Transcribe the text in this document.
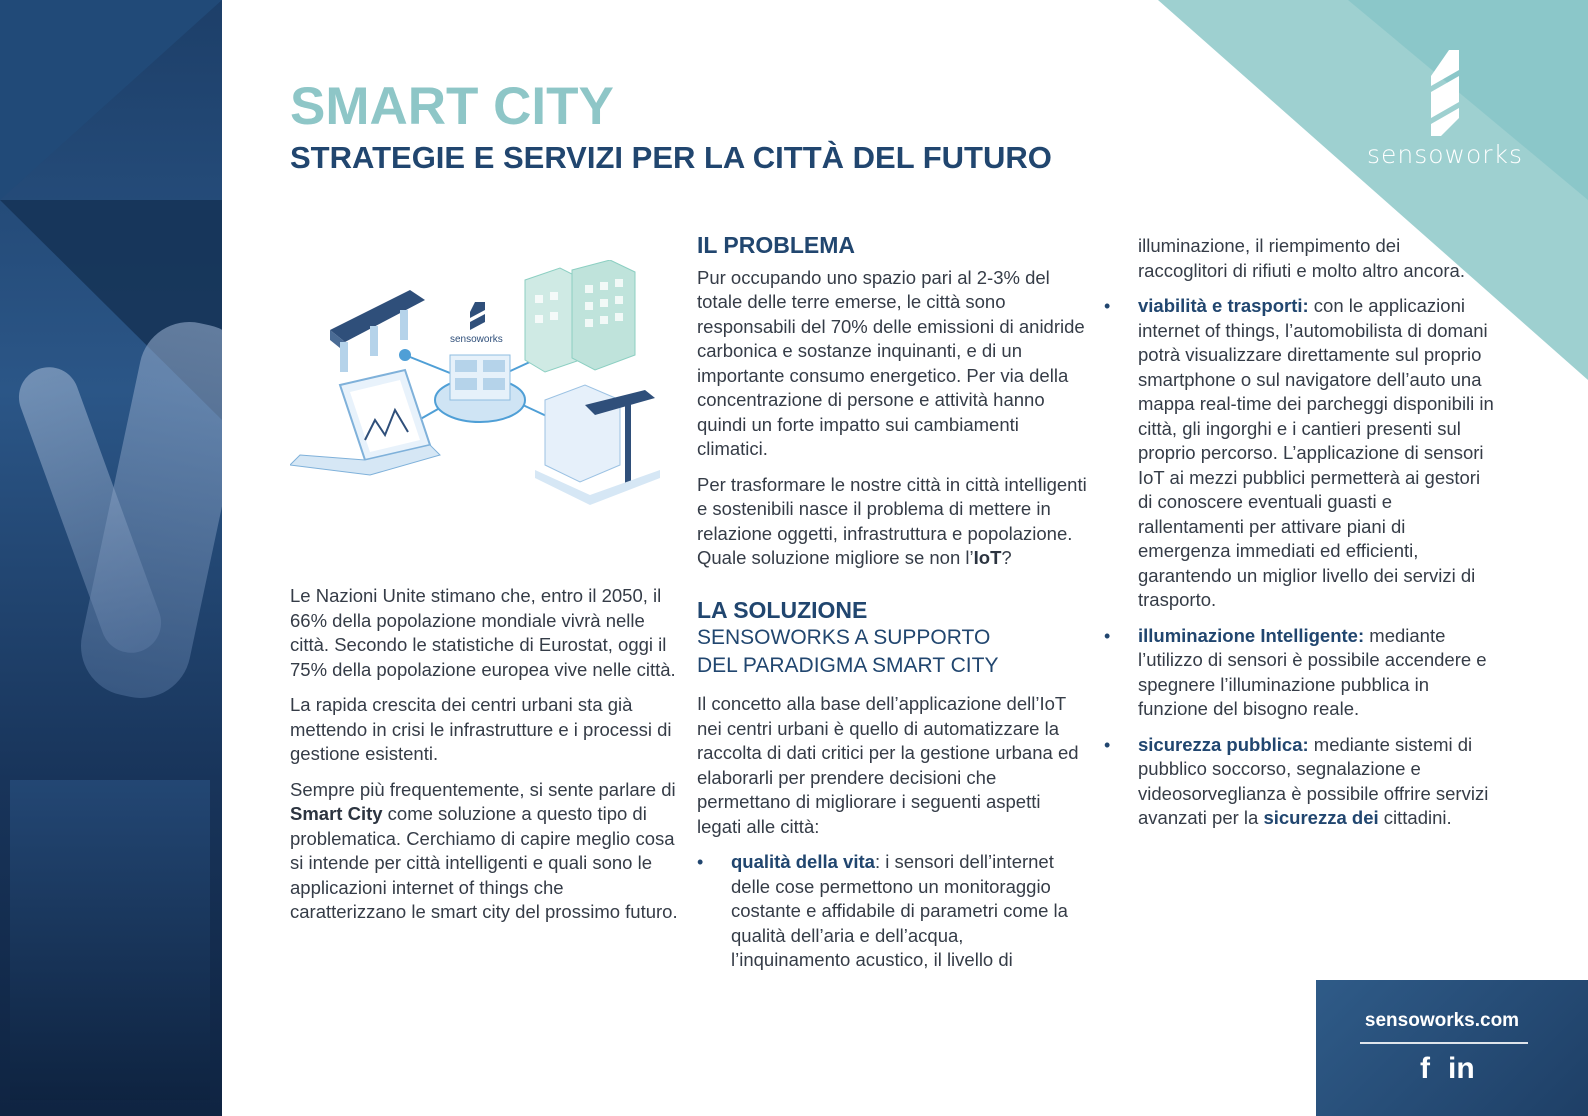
sensoworks
SMART CITY
STRATEGIE E SERVIZI PER LA CITTÀ DEL FUTURO
sensoworks

Le Nazioni Unite stimano che, entro il 2050, il 66% della popolazione mondiale vivrà nelle città. Secondo le statistiche di Eurostat, oggi il 75% della popolazione europea vive nelle città.

La rapida crescita dei centri urbani sta già mettendo in crisi le infrastrutture e i processi di gestione esistenti.

Sempre più frequentemente, si sente parlare di Smart City come soluzione a questo tipo di problematica. Cerchiamo di capire meglio cosa si intende per città intelligenti e quali sono le applicazioni internet of things che caratterizzano le smart city del prossimo futuro.

IL PROBLEMA

Pur occupando uno spazio pari al 2-3% del totale delle terre emerse, le città sono responsabili del 70% delle emissioni di anidride carbonica e sostanze inquinanti, e di un importante consumo energetico. Per via della concentrazione di persone e attività hanno quindi un forte impatto sui cambiamenti climatici.

Per trasformare le nostre città in città intelligenti e sostenibili nasce il problema di mettere in relazione oggetti, infrastruttura e popolazione. Quale soluzione migliore se non l’IoT?

LA SOLUZIONE
SENSOWORKS A SUPPORTO
DEL PARADIGMA SMART CITY

Il concetto alla base dell’applicazione dell’IoT nei centri urbani è quello di automatizzare la raccolta di dati critici per la gestione urbana ed elaborarli per prendere decisioni che permettano di migliorare i seguenti aspetti legati alle città:

• qualità della vita: i sensori dell’internet delle cose permettono un monitoraggio costante e affidabile di parametri come la qualità dell’aria e dell’acqua, l’inquinamento acustico, il livello di
illuminazione, il riempimento dei raccoglitori di rifiuti e molto altro ancora.
• viabilità e trasporti: con le applicazioni internet of things, l’automobilista di domani potrà visualizzare direttamente sul proprio smartphone o sul navigatore dell’auto una mappa real-time dei parcheggi disponibili in città, gli ingorghi e i cantieri presenti sul proprio percorso. L’applicazione di sensori IoT ai mezzi pubblici permetterà ai gestori di conoscere eventuali guasti e rallentamenti per attivare piani di emergenza immediati ed efficienti, garantendo un miglior livello dei servizi di trasporto.
• illuminazione Intelligente: mediante l’utilizzo di sensori è possibile accendere e spegnere l’illuminazione pubblica in funzione del bisogno reale.
• sicurezza pubblica: mediante sistemi di pubblico soccorso, segnalazione e videosorveglianza è possibile offrire servizi avanzati per la sicurezza dei cittadini.
sensoworks.com
f in
